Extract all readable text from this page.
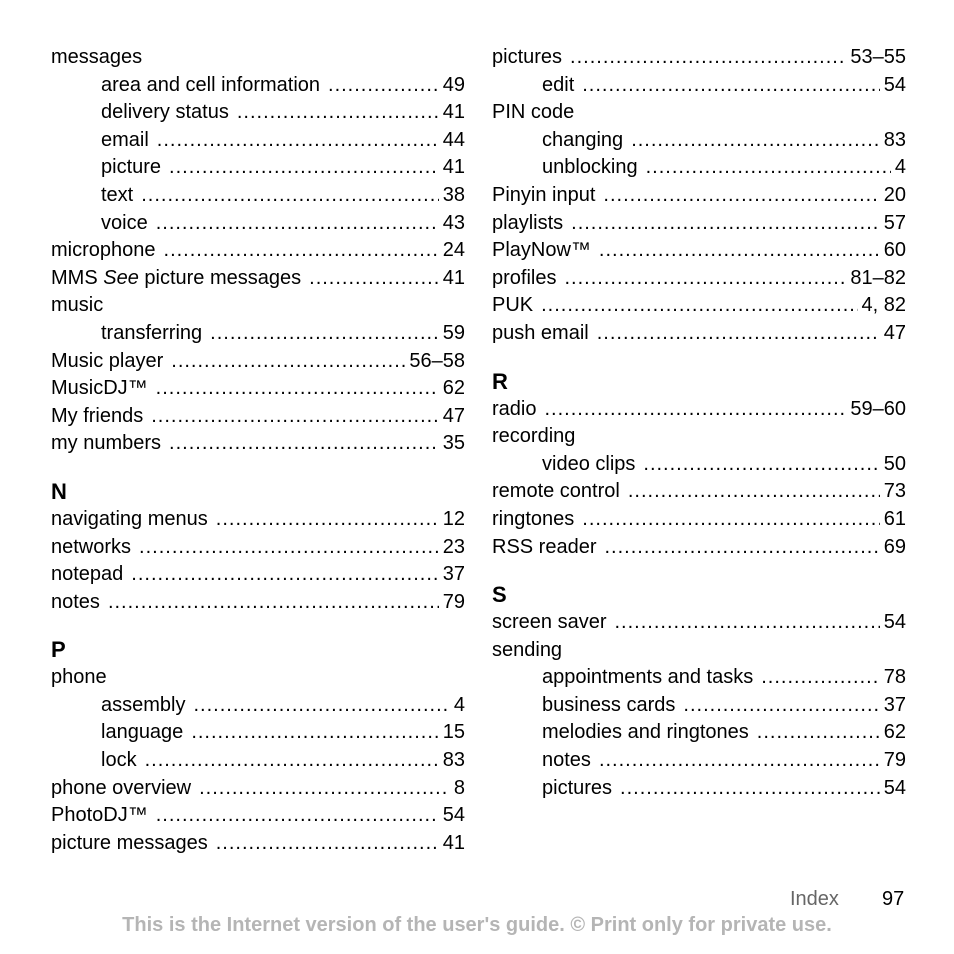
messages
area and cell information .....	49
delivery status .....	41
email .....	44
picture .....	41
text .....	38
voice .....	43
microphone .....	24
MMS See picture messages .....	41
music
transferring .....	59
Music player .....	56–58
MusicDJ™ .....	62
My friends .....	47
my numbers .....	35
N
navigating menus .....	12
networks .....	23
notepad .....	37
notes .....	79
P
phone
assembly .....	4
language .....	15
lock .....	83
phone overview .....	8
PhotoDJ™ .....	54
picture messages .....	41
pictures .....	53–55
edit .....	54
PIN code
changing .....	83
unblocking .....	4
Pinyin input .....	20
playlists .....	57
PlayNow™ .....	60
profiles .....	81–82
PUK .....	4, 82
push email .....	47
R
radio .....	59–60
recording
video clips .....	50
remote control .....	73
ringtones .....	61
RSS reader .....	69
S
screen saver .....	54
sending
appointments and tasks .....	78
business cards .....	37
melodies and ringtones .....	62
notes .....	79
pictures .....	54
Index 97
This is the Internet version of the user's guide. © Print only for private use.
